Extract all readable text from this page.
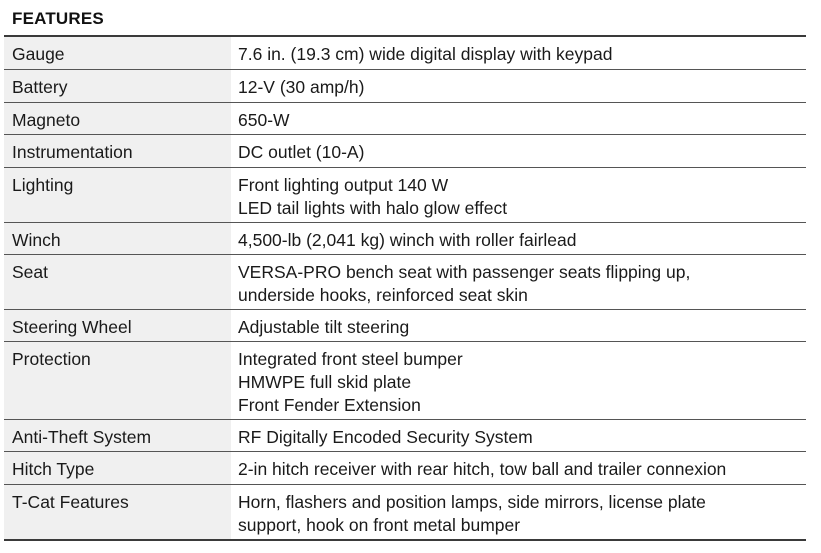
FEATURES
Gauge	7.6 in. (19.3 cm) wide digital display with keypad
Battery	12-V (30 amp/h)
Magneto	650-W
Instrumentation	DC outlet (10-A)
Lighting	Front lighting output 140 W
LED tail lights with halo glow effect
Winch	4,500-lb (2,041 kg) winch with roller fairlead
Seat	VERSA-PRO bench seat with passenger seats flipping up,
underside hooks, reinforced seat skin
Steering Wheel	Adjustable tilt steering
Protection	Integrated front steel bumper
HMWPE full skid plate
Front Fender Extension
Anti-Theft System	RF Digitally Encoded Security System
Hitch Type	2-in hitch receiver with rear hitch, tow ball and trailer connexion
T-Cat Features	Horn, flashers and position lamps, side mirrors, license plate
support, hook on front metal bumper
